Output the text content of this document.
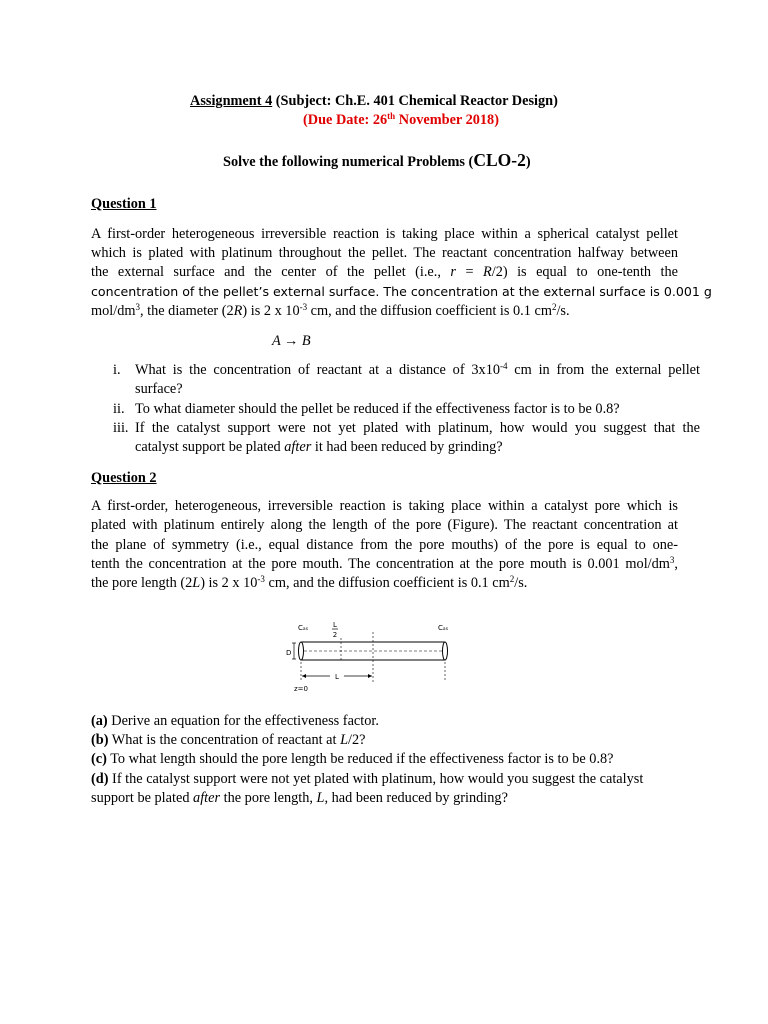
Assignment 4 (Subject: Ch.E. 401 Chemical Reactor Design)
(Due Date: 26th November 2018)
Solve the following numerical Problems (CLO-2)
Question 1
A first-order heterogeneous irreversible reaction is taking place within a spherical catalyst pellet
which is plated with platinum throughout the pellet. The reactant concentration halfway between
the external surface and the center of the pellet (i.e., r = R/2) is equal to one-tenth the
concentration of the pellet’s external surface. The concentration at the external surface is 0.001 g
mol/$dm^3$, the diameter (2R) is 2 x $10^{-3}$ cm, and the diffusion coefficient is 0.1 $cm^2/s$.
A → B
i.	What is the concentration of reactant at a distance of $3x10^{-4}$ cm in from the external pellet
surface?
ii. To what diameter should the pellet be reduced if the effectiveness factor is to be 0.8?
iii. If the catalyst support were not yet plated with platinum, how would you suggest that the
catalyst support be plated after it had been reduced by grinding?
Question 2
A first-order, heterogeneous, irreversible reaction is taking place within a catalyst pore which is
plated with platinum entirely along the length of the pore (Figure). The reactant concentration at
the plane of symmetry (i.e., equal distance from the pore mouths) of the pore is equal to one-
tenth the concentration at the pore mouth. The concentration at the pore mouth is 0.001 mol/$dm^3$,
the pore length (2L) is 2 x $10^{-3}$ cm, and the diffusion coefficient is 0.1 $cm^2/s$.
Cₐₛ	L
2
Cₐₛ
D
L
z=0
(a) Derive an equation for the effectiveness factor.
(b) What is the concentration of reactant at L/2?
(c) To what length should the pore length be reduced if the effectiveness factor is to be 0.8?
(d) If the catalyst support were not yet plated with platinum, how would you suggest the catalyst
support be plated after the pore length, L, had been reduced by grinding?
